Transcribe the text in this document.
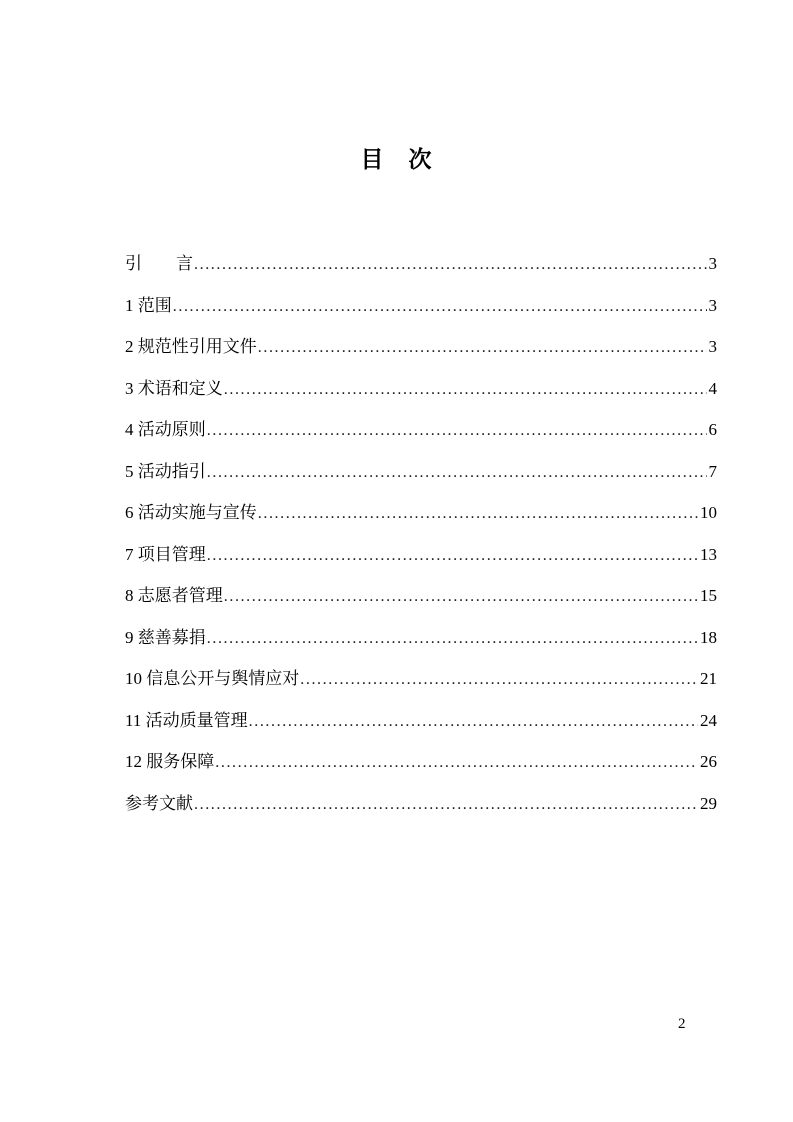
目　次
引　　言 .....	3
1 范围 .....	3
2 规范性引用文件 .....	3
3 术语和定义 .....	4
4 活动原则 .....	6
5 活动指引 .....	7
6 活动实施与宣传 .....	10
7 项目管理 .....	13
8 志愿者管理 .....	15
9 慈善募捐 .....	18
10 信息公开与舆情应对 .....	21
11 活动质量管理 .....	24
12 服务保障 .....	26
参考文献 .....	29
2
